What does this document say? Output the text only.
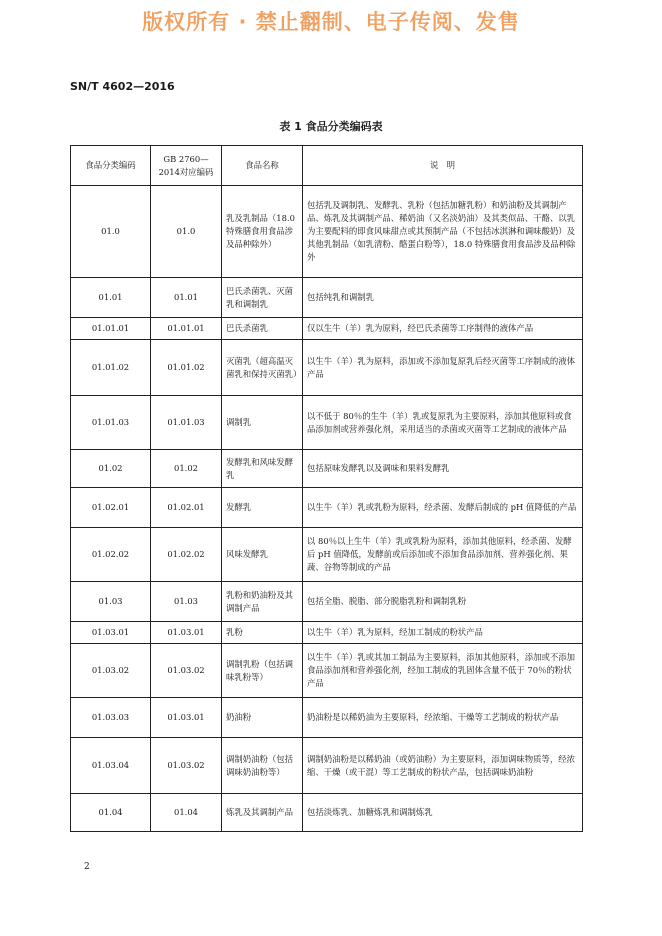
版权所有 · 禁止翻制、电子传阅、发售
SN/T 4602—2016
表 1 食品分类编码表
食品分类编码	GB 2760—2014对应编码	食品名称	说　明
01.0	01.0	乳及乳制品（18.0 特殊膳食用食品涉及品种除外）	包括乳及调制乳、发酵乳、乳粉（包括加糖乳粉）和奶油粉及其调制产品、炼乳及其调制产品、稀奶油（又名淡奶油）及其类似品、干酪、以乳为主要配料的即食风味甜点或其预制产品（不包括冰淇淋和调味酸奶）及其他乳制品（如乳清粉、酪蛋白粉等），18.0 特殊膳食用食品涉及品种除外
01.01	01.01	巴氏杀菌乳、灭菌乳和调制乳	包括纯乳和调制乳
01.01.01	01.01.01	巴氏杀菌乳	仅以生牛（羊）乳为原料，经巴氏杀菌等工序制得的液体产品
01.01.02	01.01.02	灭菌乳（超高温灭菌乳和保持灭菌乳）	以生牛（羊）乳为原料，添加或不添加复原乳后经灭菌等工序制成的液体产品
01.01.03	01.01.03	调制乳	以不低于 80％的生牛（羊）乳或复原乳为主要原料，添加其他原料或食品添加剂或营养强化剂，采用适当的杀菌或灭菌等工艺制成的液体产品
01.02	01.02	发酵乳和风味发酵乳	包括原味发酵乳以及调味和果料发酵乳
01.02.01	01.02.01	发酵乳	以生牛（羊）乳或乳粉为原料，经杀菌、发酵后制成的 pH 值降低的产品
01.02.02	01.02.02	风味发酵乳	以 80％以上生牛（羊）乳或乳粉为原料，添加其他原料，经杀菌、发酵后 pH 值降低，发酵前或后添加或不添加食品添加剂、营养强化剂、果蔬、谷物等制成的产品
01.03	01.03	乳粉和奶油粉及其调制产品	包括全脂、脱脂、部分脱脂乳粉和调制乳粉
01.03.01	01.03.01	乳粉	以生牛（羊）乳为原料，经加工制成的粉状产品
01.03.02	01.03.02	调制乳粉（包括调味乳粉等）	以生牛（羊）乳或其加工制品为主要原料，添加其他原料，添加或不添加食品添加剂和营养强化剂，经加工制成的乳固体含量不低于 70％的粉状产品
01.03.03	01.03.01	奶油粉	奶油粉是以稀奶油为主要原料，经浓缩、干燥等工艺制成的粉状产品
01.03.04	01.03.02	调制奶油粉（包括调味奶油粉等）	调制奶油粉是以稀奶油（或奶油粉）为主要原料，添加调味物质等，经浓缩、干燥（或干混）等工艺制成的粉状产品，包括调味奶油粉
01.04	01.04	炼乳及其调制产品	包括淡炼乳、加糖炼乳和调制炼乳
2
